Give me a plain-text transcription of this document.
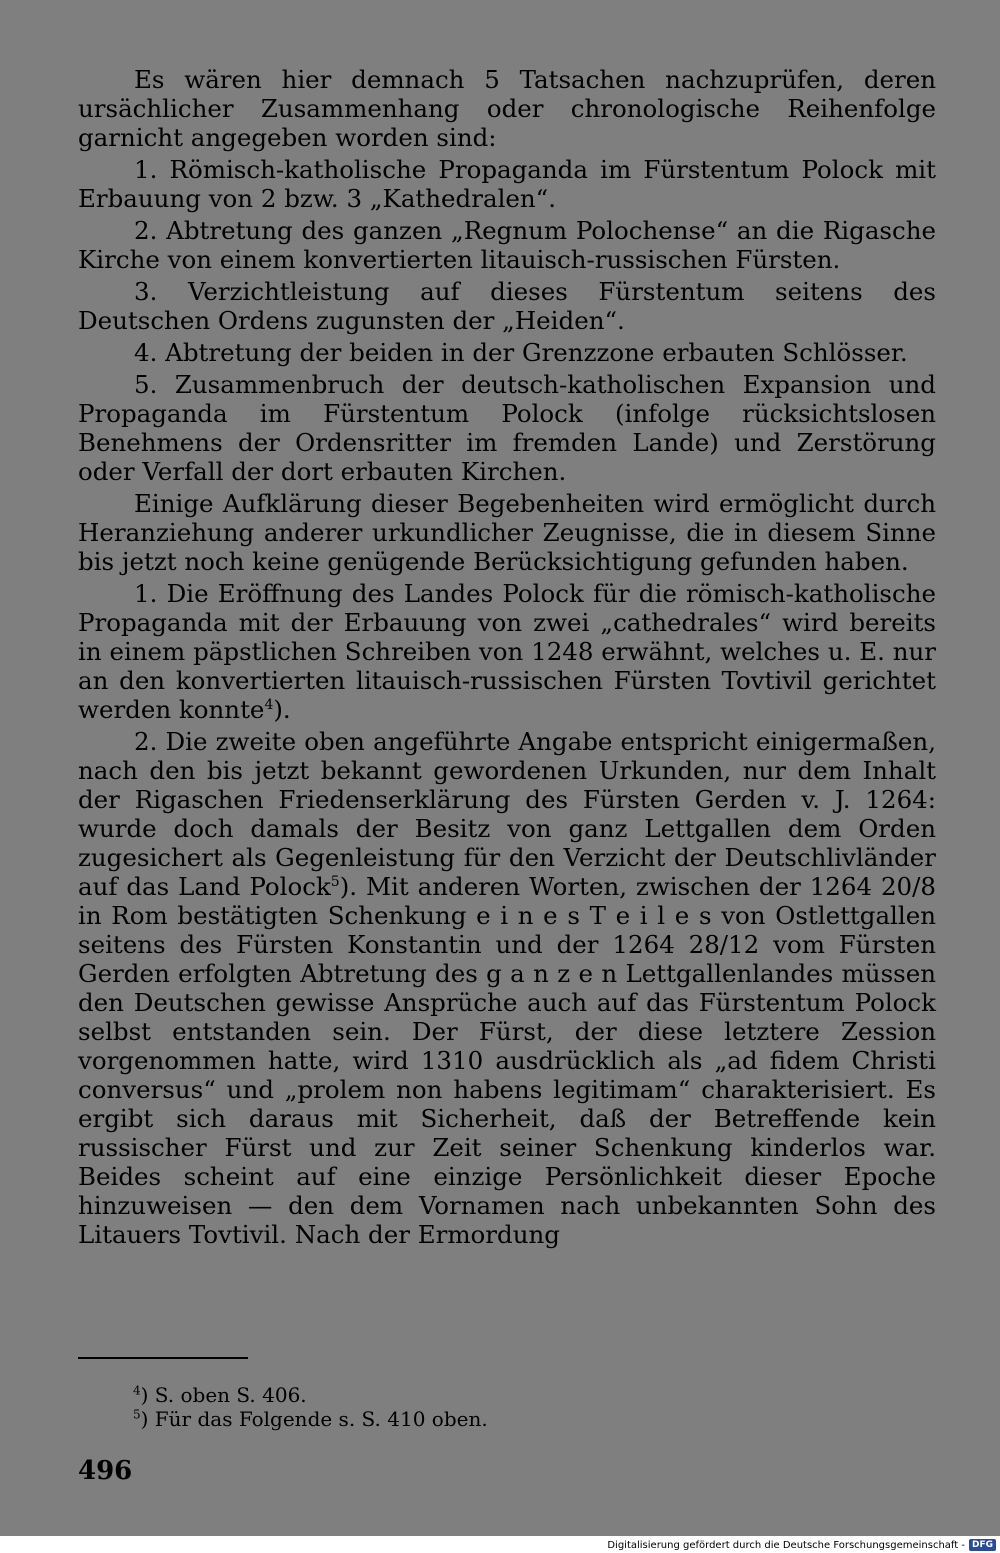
Es wären hier demnach 5 Tatsachen nachzuprüfen, deren ursächlicher Zusammenhang oder chronologische Reihenfolge garnicht angegeben worden sind:

1. Römisch-katholische Propaganda im Fürstentum Polock mit Erbauung von 2 bzw. 3 „Kathedralen“.

2. Abtretung des ganzen „Regnum Polochense“ an die Rigasche Kirche von einem konvertierten litauisch-russischen Fürsten.

3. Verzichtleistung auf dieses Fürstentum seitens des Deutschen Ordens zugunsten der „Heiden“.

4. Abtretung der beiden in der Grenzzone erbauten Schlösser.

5. Zusammenbruch der deutsch-katholischen Expansion und Propaganda im Fürstentum Polock (infolge rücksichtslosen Benehmens der Ordensritter im fremden Lande) und Zerstörung oder Verfall der dort erbauten Kirchen.

Einige Aufklärung dieser Begebenheiten wird ermöglicht durch Heranziehung anderer urkundlicher Zeugnisse, die in diesem Sinne bis jetzt noch keine genügende Berücksichtigung gefunden haben.

1. Die Eröffnung des Landes Polock für die römisch-katholische Propaganda mit der Erbauung von zwei „cathedrales“ wird bereits in einem päpstlichen Schreiben von 1248 erwähnt, welches u. E. nur an den konvertierten litauisch-russischen Fürsten Tovtivil gerichtet werden konnte$^4$).

2. Die zweite oben angeführte Angabe entspricht einigermaßen, nach den bis jetzt bekannt gewordenen Urkunden, nur dem Inhalt der Rigaschen Friedenserklärung des Fürsten Gerden v. J. 1264: wurde doch damals der Besitz von ganz Lettgallen dem Orden zugesichert als Gegenleistung für den Verzicht der Deutschlivländer auf das Land Polock$^5$). Mit anderen Worten, zwischen der 1264 20/8 in Rom bestätigten Schenkung e i n e s T e i l e s von Ostlettgallen seitens des Fürsten Konstantin und der 1264 28/12 vom Fürsten Gerden erfolgten Abtretung des g a n z e n Lettgallenlandes müssen den Deutschen gewisse Ansprüche auch auf das Fürstentum Polock selbst entstanden sein. Der Fürst, der diese letztere Zession vorgenommen hatte, wird 1310 ausdrücklich als „ad fidem Christi conversus“ und „prolem non habens legitimam“ charakterisiert. Es ergibt sich daraus mit Sicherheit, daß der Betreffende kein russischer Fürst und zur Zeit seiner Schenkung kinderlos war. Beides scheint auf eine einzige Persönlichkeit dieser Epoche hinzuweisen — den dem Vornamen nach unbekannten Sohn des Litauers Tovtivil. Nach der Ermordung

$^4$) S. oben S. 406.
$^5$) Für das Folgende s. S. 410 oben.
496
Digitalisierung gefördert durch die Deutsche Forschungsgemeinschaft - DFG
